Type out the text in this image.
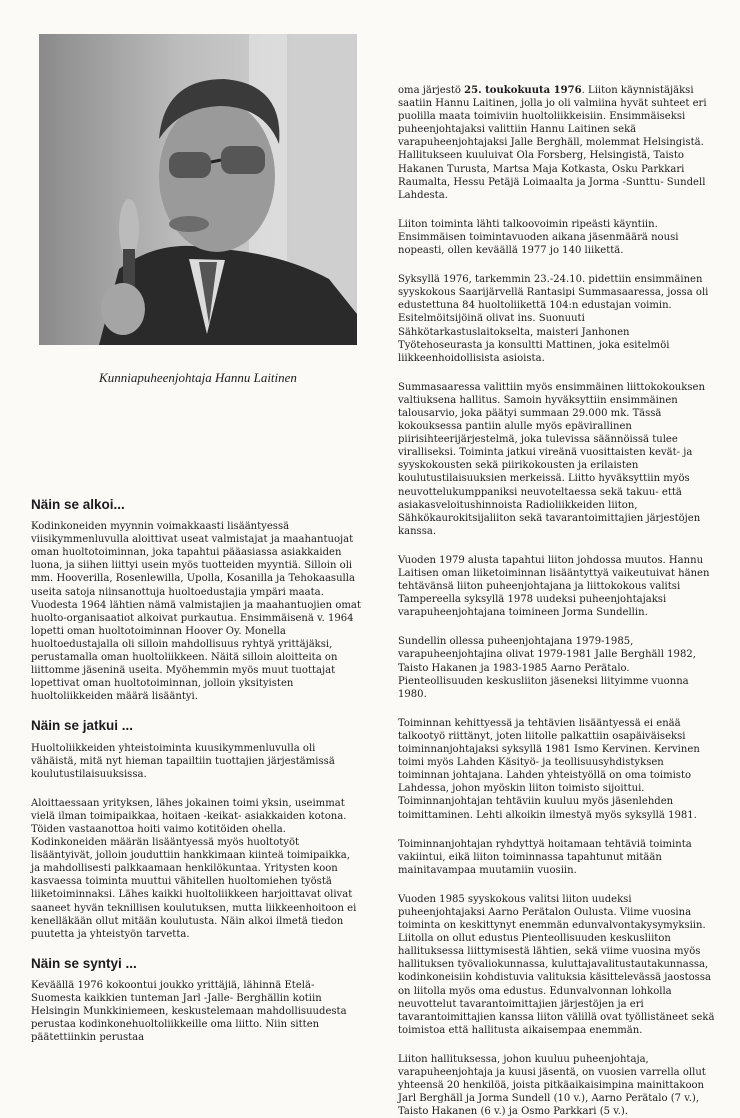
Kunniapuheenjohtaja Hannu Laitinen
Näin se alkoi...

Kodinkoneiden myynnin voimakkaasti lisääntyessä viisikymmenluvulla aloittivat useat valmistajat ja maahantuojat oman huoltotoiminnan, joka tapahtui pääasiassa asiakkaiden luona, ja siihen liittyi usein myös tuotteiden myyntiä. Silloin oli mm. Hooverilla, Rosenlewilla, Upolla, Kosanilla ja Tehokaasulla useita satoja niinsanottuja huoltoedustajia ympäri maata. Vuodesta 1964 lähtien nämä valmistajien ja maahantuojien omat huolto-organisaatiot alkoivat purkautua. Ensimmäisenä v. 1964 lopetti oman huoltotoiminnan Hoover Oy. Monella huoltoedustajalla oli silloin mahdollisuus ryhtyä yrittäjäksi, perustamalla oman huoltoliikkeen. Näitä silloin aloitteita on liittomme jäseninä useita. Myöhemmin myös muut tuottajat lopettivat oman huoltotoiminnan, jolloin yksityisten huoltoliikkeiden määrä lisääntyi.

Näin se jatkui ...

Huoltoliikkeiden yhteistoiminta kuusikymmenluvulla oli vähäistä, mitä nyt hieman tapailtiin tuottajien järjestämissä koulutustilaisuuksissa.

Aloittaessaan yrityksen, lähes jokainen toimi yksin, useimmat vielä ilman toimipaikkaa, hoitaen -keikat- asiakkaiden kotona. Töiden vastaanottoa hoiti vaimo kotitöiden ohella. Kodinkoneiden määrän lisääntyessä myös huoltotyöt lisääntyivät, jolloin jouduttiin hankkimaan kiinteä toimipaikka, ja mahdollisesti palkkaamaan henkilökuntaa. Yritysten koon kasvaessa toiminta muuttui vähitellen huoltomiehen työstä liiketoiminnaksi. Lähes kaikki huoltoliikkeen harjoittavat olivat saaneet hyvän teknillisen koulutuksen, mutta liikkeenhoitoon ei kenelläkään ollut mitään koulutusta. Näin alkoi ilmetä tiedon puutetta ja yhteistyön tarvetta.

Näin se syntyi ...

Keväällä 1976 kokoontui joukko yrittäjiä, lähinnä Etelä-Suomesta kaikkien tunteman Jarl -Jalle- Berghällin kotiin Helsingin Munkkiniemeen, keskustelemaan mahdollisuudesta perustaa kodinkonehuoltoliikkeille oma liitto. Niin sitten päätettiinkin perustaa

oma järjestö 25. toukokuuta 1976. Liiton käynnistäjäksi saatiin Hannu Laitinen, jolla jo oli valmiina hyvät suhteet eri puolilla maata toimiviin huoltoliikkeisiin. Ensimmäiseksi puheenjohtajaksi valittiin Hannu Laitinen sekä varapuheenjohtajaksi Jalle Berghäll, molemmat Helsingistä. Hallitukseen kuuluivat Ola Forsberg, Helsingistä, Taisto Hakanen Turusta, Martsa Maja Kotkasta, Osku Parkkari Raumalta, Hessu Petäjä Loimaalta ja Jorma -Sunttu- Sundell Lahdesta.

Liiton toiminta lähti talkoovoimin ripeästi käyntiin. Ensimmäisen toimintavuoden aikana jäsenmäärä nousi nopeasti, ollen keväällä 1977 jo 140 liikettä.

Syksyllä 1976, tarkemmin 23.-24.10. pidettiin ensimmäinen syyskokous Saarijärvellä Rantasipi Summasaaressa, jossa oli edustettuna 84 huoltoliikettä 104:n edustajan voimin. Esitelmöitsijöinä olivat ins. Suonuuti Sähkötarkastuslaitokselta, maisteri Janhonen Työtehoseurasta ja konsultti Mattinen, joka esitelmöi liikkeenhoidollisista asioista.

Summasaaressa valittiin myös ensimmäinen liittokokouksen valtiuksena hallitus. Samoin hyväksyttiin ensimmäinen talousarvio, joka päätyi summaan 29.000 mk. Tässä kokouksessa pantiin alulle myös epävirallinen piirisihteerijärjestelmä, joka tulevissa säännöissä tulee viralliseksi. Toiminta jatkui vireänä vuosittaisten kevät- ja syyskokousten sekä piirikokousten ja erilaisten koulutustilaisuuksien merkeissä. Liitto hyväksyttiin myös neuvottelukumppaniksi neuvoteltaessa sekä takuu- että asiakasveloitushinnoista Radioliikkeiden liiton, Sähkökaurokitsijaliiton sekä tavarantoimittajien järjestöjen kanssa.

Vuoden 1979 alusta tapahtui liiton johdossa muutos. Hannu Laitisen oman liiketoiminnan lisääntyttyä vaikeutuivat hänen tehtävänsä liiton puheenjohtajana ja liittokokous valitsi Tampereella syksyllä 1978 uudeksi puheenjohtajaksi varapuheenjohtajana toimineen Jorma Sundellin.

Sundellin ollessa puheenjohtajana 1979-1985, varapuheenjohtajina olivat 1979-1981 Jalle Berghäll 1982, Taisto Hakanen ja 1983-1985 Aarno Perätalo. Pienteollisuuden keskusliiton jäseneksi liityimme vuonna 1980.

Toiminnan kehittyessä ja tehtävien lisääntyessä ei enää talkootyö riittänyt, joten liitolle palkattiin osapäiväiseksi toiminnanjohtajaksi syksyllä 1981 Ismo Kervinen. Kervinen toimi myös Lahden Käsityö- ja teollisuusyhdistyksen toiminnan johtajana. Lahden yhteistyöllä on oma toimisto Lahdessa, johon myöskin liiton toimisto sijoittui. Toiminnanjohtajan tehtäviin kuuluu myös jäsenlehden toimittaminen. Lehti alkoikin ilmestyä myös syksyllä 1981.

Toiminnanjohtajan ryhdyttyä hoitamaan tehtäviä toiminta vakiintui, eikä liiton toiminnassa tapahtunut mitään mainitavampaa muutamiin vuosiin.

Vuoden 1985 syyskokous valitsi liiton uudeksi puheenjohtajaksi Aarno Perätalon Oulusta. Viime vuosina toiminta on keskittynyt enemmän edunvalvontakysymyksiin. Liitolla on ollut edustus Pienteollisuuden keskusliiton hallituksessa liittymisestä lähtien, sekä viime vuosina myös hallituksen työvaliokunnassa, kuluttajavalitustautakunnassa, kodinkoneisiin kohdistuvia valituksia käsittelevässä jaostossa on liitolla myös oma edustus. Edunvalvonnan lohkolla neuvottelut tavarantoimittajien järjestöjen ja eri tavarantoimittajien kanssa liiton välillä ovat työllistäneet sekä toimistoa että hallitusta aikaisempaa enemmän.

Liiton hallituksessa, johon kuuluu puheenjohtaja, varapuheenjohtaja ja kuusi jäsentä, on vuosien varrella ollut yhteensä 20 henkilöä, joista pitkäaikaisimpina mainittakoon Jarl Berghäll ja Jorma Sundell (10 v.), Aarno Perätalo (7 v.), Taisto Hakanen (6 v.) ja Osmo Parkkari (5 v.).
